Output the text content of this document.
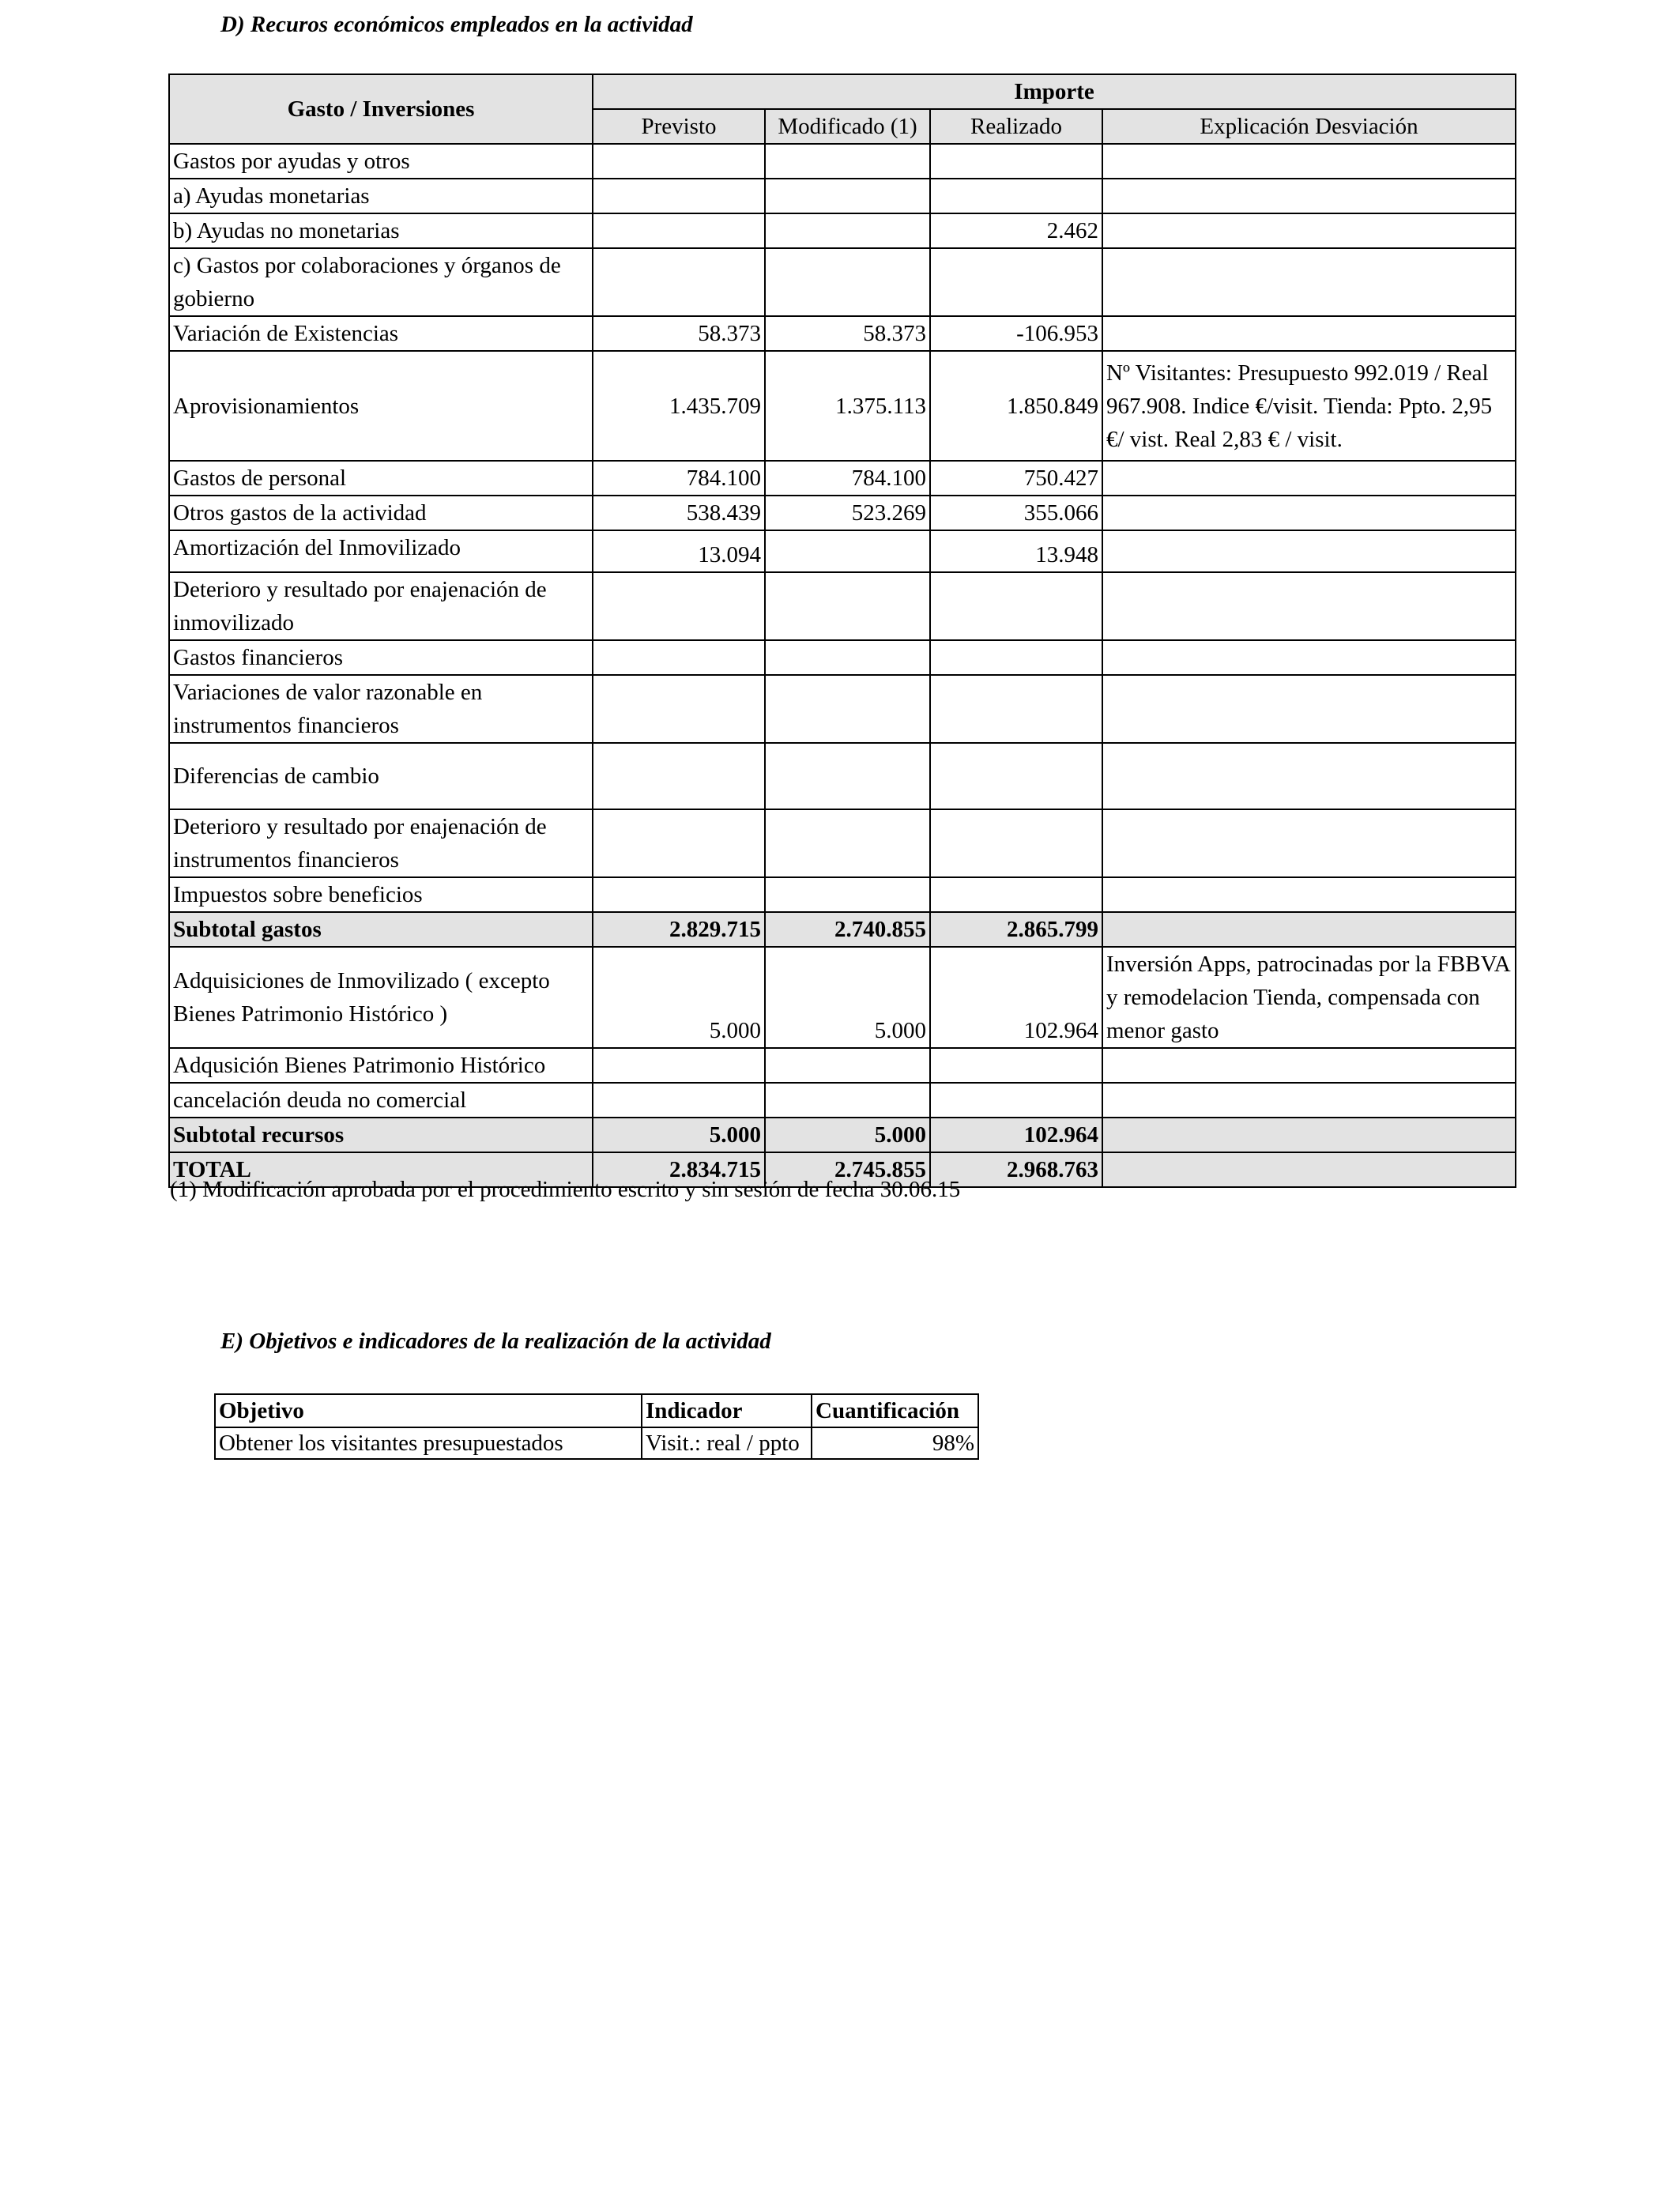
D) Recuros económicos empleados en la actividad
Gasto / Inversiones	Importe			
	Previsto	Modificado (1)	Realizado	Explicación Desviación
Gastos por ayudas y otros				
a) Ayudas monetarias				
b) Ayudas no monetarias			2.462	
c) Gastos por colaboraciones y órganos de gobierno				
Variación de Existencias	58.373	58.373	-106.953	
Aprovisionamientos	1.435.709	1.375.113	1.850.849	Nº Visitantes: Presupuesto 992.019 / Real 967.908. Indice €/visit. Tienda: Ppto. 2,95 €/ vist. Real 2,83 € / visit.
Gastos de personal	784.100	784.100	750.427	
Otros gastos de la actividad	538.439	523.269	355.066	
Amortización del Inmovilizado	13.094		13.948	
Deterioro y resultado por enajenación de inmovilizado				
Gastos financieros				
Variaciones de valor razonable en instrumentos financieros				
Diferencias de cambio				
Deterioro y resultado por enajenación de instrumentos financieros				
Impuestos sobre beneficios				
Subtotal gastos	2.829.715	2.740.855	2.865.799	
Adquisiciones de Inmovilizado ( excepto Bienes Patrimonio Histórico )	5.000	5.000	102.964	Inversión Apps, patrocinadas por la FBBVA y remodelacion Tienda, compensada con menor gasto
Adqusición Bienes Patrimonio Histórico				
cancelación deuda no comercial				
Subtotal recursos	5.000	5.000	102.964	
TOTAL	2.834.715	2.745.855	2.968.763	
(1) Modificación aprobada por el procedimiento escrito y sin sesión de fecha 30.06.15
E) Objetivos e indicadores de la realización de la actividad
Objetivo	Indicador	Cuantificación
Obtener los visitantes presupuestados	Visit.: real / ppto	98%
